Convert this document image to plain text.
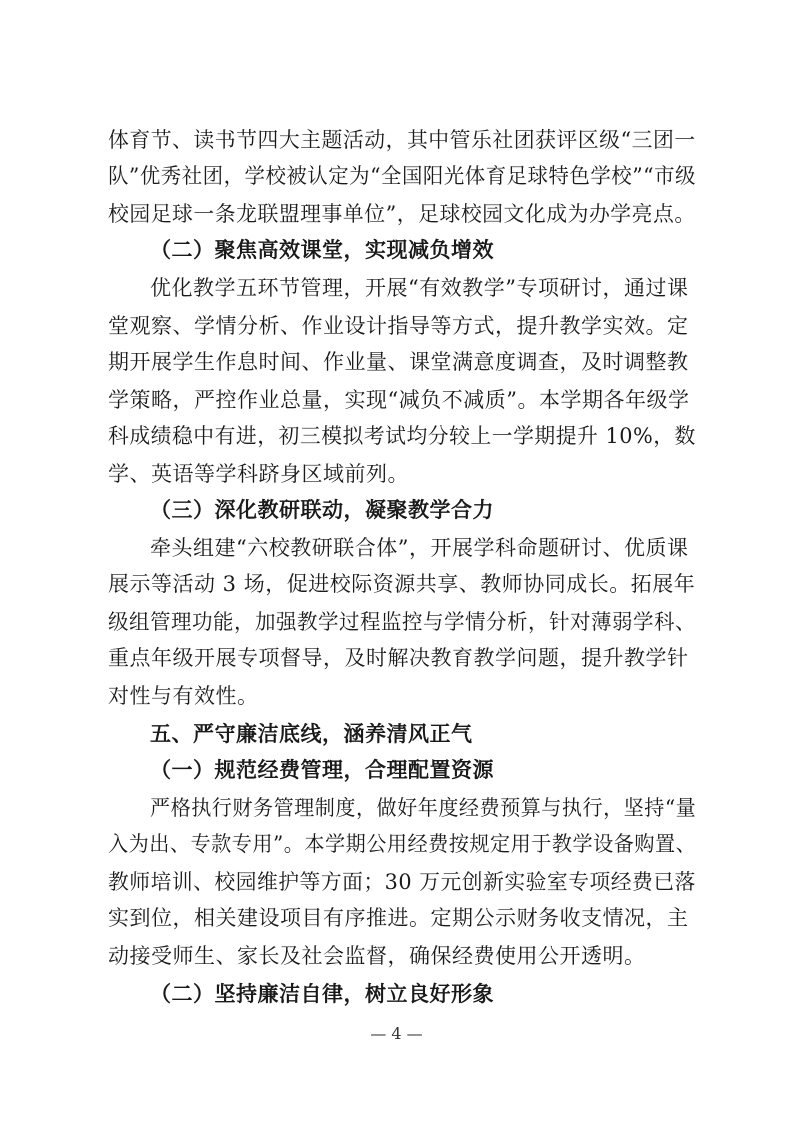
体育节、读书节四大主题活动，其中管乐社团获评区级“三团一
队”优秀社团，学校被认定为“全国阳光体育足球特色学校”“市级
校园足球一条龙联盟理事单位”，足球校园文化成为办学亮点。
（二）聚焦高效课堂，实现减负增效
优化教学五环节管理，开展“有效教学”专项研讨，通过课
堂观察、学情分析、作业设计指导等方式，提升教学实效。定
期开展学生作息时间、作业量、课堂满意度调查，及时调整教
学策略，严控作业总量，实现“减负不减质”。本学期各年级学
科成绩稳中有进，初三模拟考试均分较上一学期提升 10%，数
学、英语等学科跻身区域前列。
（三）深化教研联动，凝聚教学合力
牵头组建“六校教研联合体”，开展学科命题研讨、优质课
展示等活动 3 场，促进校际资源共享、教师协同成长。拓展年
级组管理功能，加强教学过程监控与学情分析，针对薄弱学科、
重点年级开展专项督导，及时解决教育教学问题，提升教学针
对性与有效性。
五、严守廉洁底线，涵养清风正气
（一）规范经费管理，合理配置资源
严格执行财务管理制度，做好年度经费预算与执行，坚持“量
入为出、专款专用”。本学期公用经费按规定用于教学设备购置、
教师培训、校园维护等方面；30 万元创新实验室专项经费已落
实到位，相关建设项目有序推进。定期公示财务收支情况，主
动接受师生、家长及社会监督，确保经费使用公开透明。
（二）坚持廉洁自律，树立良好形象
— 4 —
